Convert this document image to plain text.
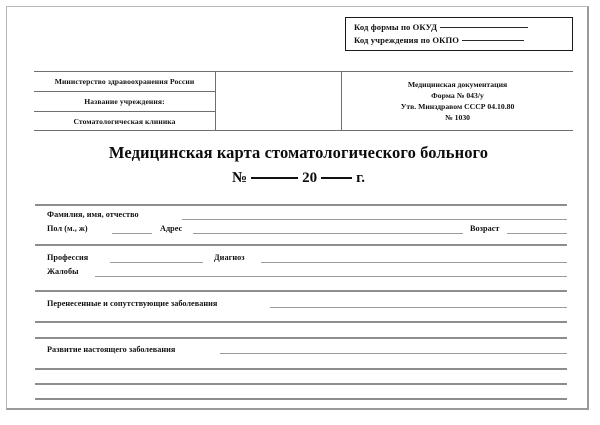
Код формы по ОКУД
Код учреждения по ОКПО
Министерство здравоохранения России
Название учреждения:
Стоматологическая клиника
Медицинская документация
Форма № 043/у
Утв. Минздравом СССР 04.10.80
№ 1030
Медицинская карта стоматологического больного
№	20	г.
Фамилия, имя, отчество
Пол (м., ж)	Адрес	Возраст
Профессия	Диагноз
Жалобы
Перенесенные и сопутствующие заболевания
Развитие настоящего заболевания
